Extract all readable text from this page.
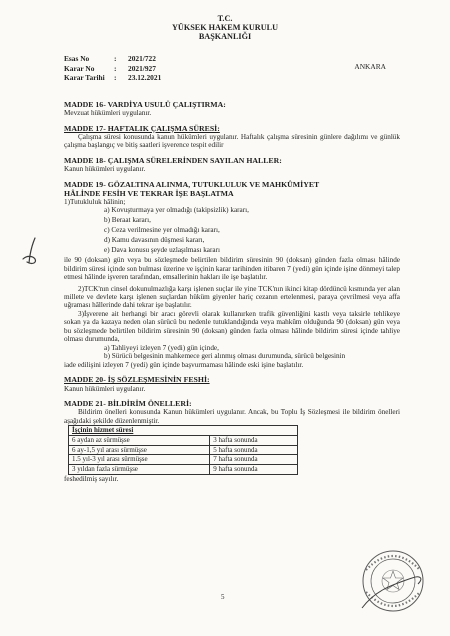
T.C.
YÜKSEK HAKEM KURULU
BAŞKANLIĞI
Esas No	:	2021/722
Karar No	:	2021/927
Karar Tarihi	:	23.12.2021
ANKARA
MADDE 16- VARDİYA USULÜ ÇALIŞTIRMA:

Mevzuat hükümleri uygulanır.

MADDE 17- HAFTALIK ÇALIŞMA SÜRESİ:

Çalışma süresi konusunda kanun hükümleri uygulanır. Haftalık çalışma süresinin günlere dağılımı ve günlük çalışma başlangıç ve bitiş saatleri işverence tespit edilir

MADDE 18- ÇALIŞMA SÜRELERİNDEN SAYILAN HALLER:

Kanun hükümleri uygulanır.

MADDE 19- GÖZALTINA ALINMA, TUTUKLULUK VE MAHKÛMİYET
HÂLİNDE FESİH VE TEKRAR İŞE BAŞLATMA

1)Tutukluluk hâlinin;

a) Kovuşturmaya yer olmadığı (takipsizlik) kararı,
b) Beraat kararı,
c) Ceza verilmesine yer olmadığı kararı,
d) Kamu davasının düşmesi kararı,
e) Dava konusu şeyde uzlaşılması kararı

ile 90 (doksan) gün veya bu sözleşmede belirtilen bildirim süresinin 90 (doksan) günden fazla olması hâlinde bildirim süresi içinde son bulması üzerine ve işçinin karar tarihinden itibaren 7 (yedi) gün içinde işine dönmeyi talep etmesi hâlinde işveren tarafından, emsallerinin hakları ile işe başlatılır.

2)TCK'nın cinsel dokunulmazlığa karşı işlenen suçlar ile yine TCK'nın ikinci kitap dördüncü kısmında yer alan millete ve devlete karşı işlenen suçlardan hüküm giyenler hariç cezanın ertelenmesi, paraya çevrilmesi veya affa uğraması hâllerinde dahi tekrar işe başlatılır.

3)İşverene ait herhangi bir aracı görevli olarak kullanırken trafik güvenliğini kastlı veya taksirle tehlikeye sokan ya da kazaya neden olan sürücü bu nedenle tutuklandığında veya mahkûm olduğunda 90 (doksan) gün veya bu sözleşmede belirtilen bildirim süresinin 90 (doksan) günden fazla olması hâlinde bildirim süresi içinde tahliye olması durumunda,

a) Tahliyeyi izleyen 7 (yedi) gün içinde,
b) Sürücü belgesinin mahkemece geri alınmış olması durumunda, sürücü belgesinin

iade edilişini izleyen 7 (yedi) gün içinde başvurmaması hâlinde eski işine başlatılır.

MADDE 20- İŞ SÖZLEŞMESİNİN FESHİ:

Kanun hükümleri uygulanır.

MADDE 21- BİLDİRİM ÖNELLERİ:

Bildirim önelleri konusunda Kanun hükümleri uygulanır. Ancak, bu Toplu İş Sözleşmesi ile bildirim önelleri aşağıdaki şekilde düzenlenmiştir.

İşçinin hizmet süresi	
6 aydan az sürmüşse	3 hafta sonunda
6 ay-1,5 yıl arası sürmüşse	5 hafta sonunda
1.5 yıl-3 yıl arası sürmüşse	7 hafta sonunda
3 yıldan fazla sürmüşse	9 hafta sonunda

feshedilmiş sayılır.

5
